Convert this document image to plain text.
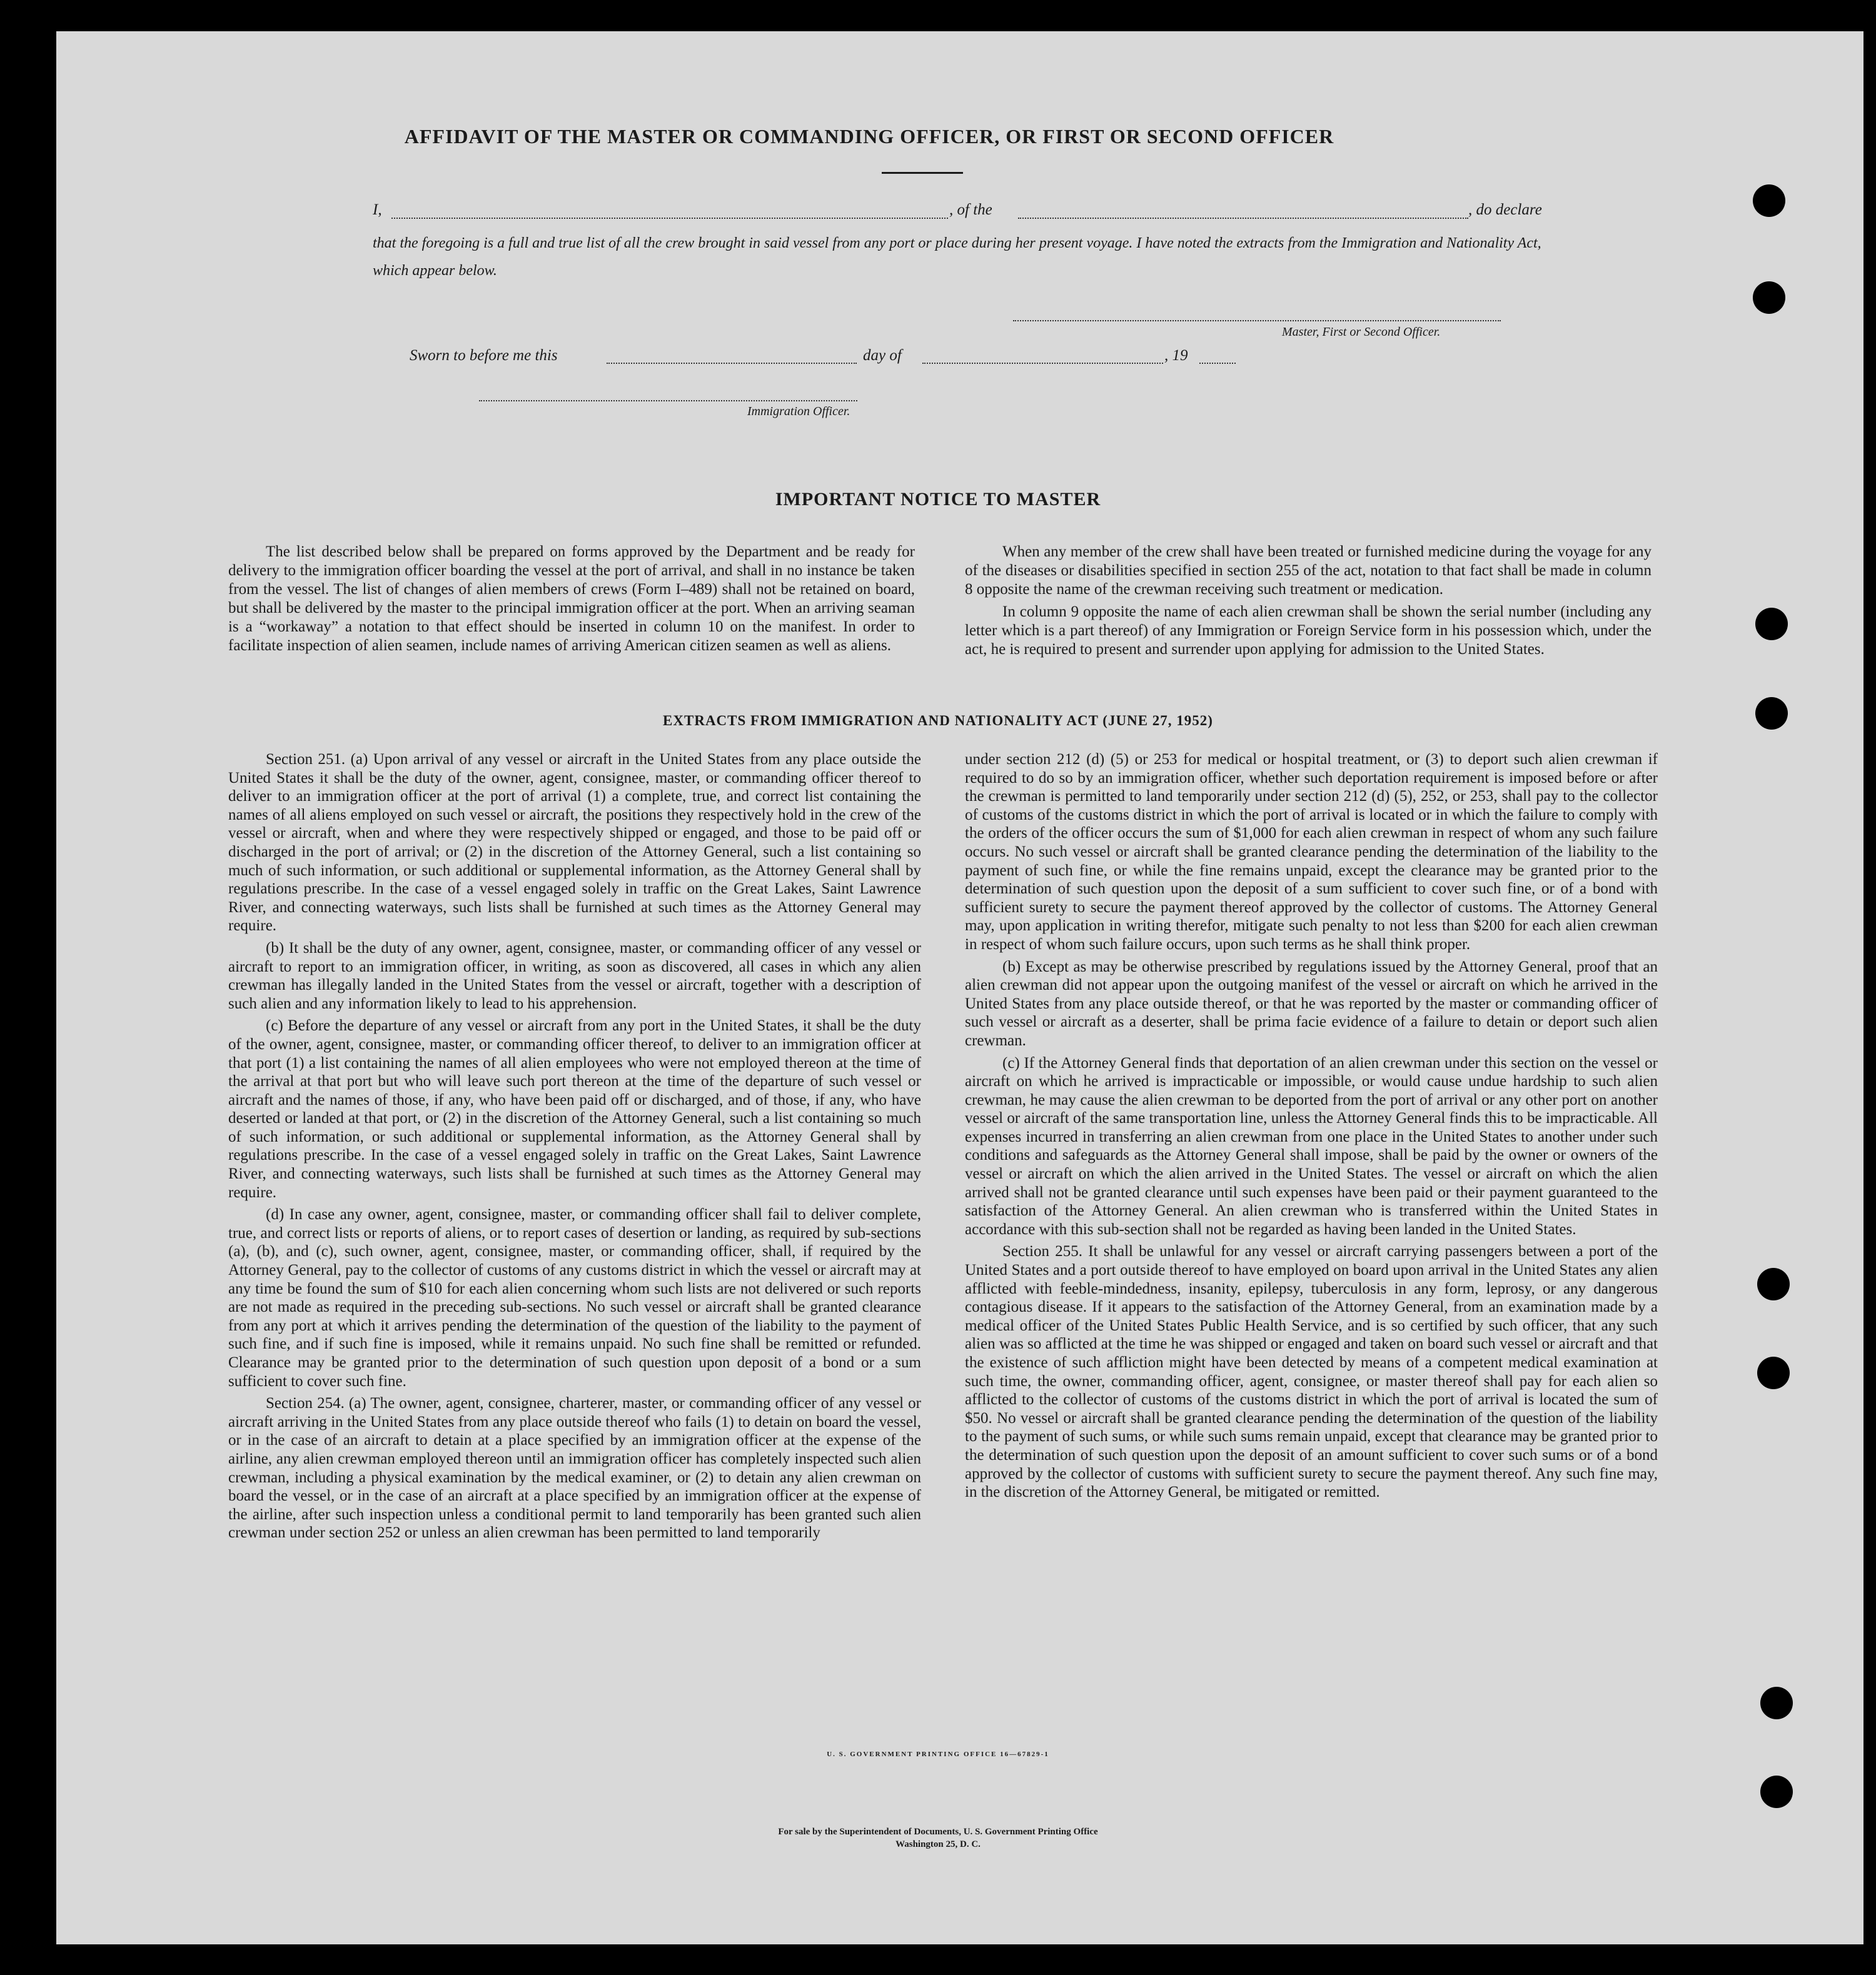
AFFIDAVIT OF THE MASTER OR COMMANDING OFFICER, OR FIRST OR SECOND OFFICER
I,	, of the	, do declare
that the foregoing is a full and true list of all the crew brought in said vessel from any port or place during her present voyage. I have noted the extracts from the Immigration and Nationality Act, which appear below.
Master, First or Second Officer.
Sworn to before me this	day of	, 19
Immigration Officer.
IMPORTANT NOTICE TO MASTER

The list described below shall be prepared on forms approved by the Department and be ready for delivery to the immigration officer boarding the vessel at the port of arrival, and shall in no instance be taken from the vessel. The list of changes of alien members of crews (Form I–489) shall not be retained on board, but shall be delivered by the master to the principal immigration officer at the port. When an arriving seaman is a “workaway” a notation to that effect should be inserted in column 10 on the manifest. In order to facilitate inspection of alien seamen, include names of arriving American citizen seamen as well as aliens.

When any member of the crew shall have been treated or furnished medicine during the voyage for any of the diseases or disabilities specified in section 255 of the act, notation to that fact shall be made in column 8 opposite the name of the crewman receiving such treatment or medication.

In column 9 opposite the name of each alien crewman shall be shown the serial number (including any letter which is a part thereof) of any Immigration or Foreign Service form in his possession which, under the act, he is required to present and surrender upon applying for admission to the United States.

EXTRACTS FROM IMMIGRATION AND NATIONALITY ACT (JUNE 27, 1952)

Section 251. (a) Upon arrival of any vessel or aircraft in the United States from any place outside the United States it shall be the duty of the owner, agent, consignee, master, or commanding officer thereof to deliver to an immigration officer at the port of arrival (1) a complete, true, and correct list containing the names of all aliens employed on such vessel or aircraft, the positions they respectively hold in the crew of the vessel or aircraft, when and where they were respectively shipped or engaged, and those to be paid off or discharged in the port of arrival; or (2) in the discretion of the Attorney General, such a list containing so much of such information, or such additional or supplemental information, as the Attorney General shall by regulations prescribe. In the case of a vessel engaged solely in traffic on the Great Lakes, Saint Lawrence River, and connecting waterways, such lists shall be furnished at such times as the Attorney General may require.

(b) It shall be the duty of any owner, agent, consignee, master, or commanding officer of any vessel or aircraft to report to an immigration officer, in writing, as soon as discovered, all cases in which any alien crewman has illegally landed in the United States from the vessel or aircraft, together with a description of such alien and any information likely to lead to his apprehension.

(c) Before the departure of any vessel or aircraft from any port in the United States, it shall be the duty of the owner, agent, consignee, master, or commanding officer thereof, to deliver to an immigration officer at that port (1) a list containing the names of all alien employees who were not employed thereon at the time of the arrival at that port but who will leave such port thereon at the time of the departure of such vessel or aircraft and the names of those, if any, who have been paid off or discharged, and of those, if any, who have deserted or landed at that port, or (2) in the discretion of the Attorney General, such a list containing so much of such information, or such additional or supplemental information, as the Attorney General shall by regulations prescribe. In the case of a vessel engaged solely in traffic on the Great Lakes, Saint Lawrence River, and connecting waterways, such lists shall be furnished at such times as the Attorney General may require.

(d) In case any owner, agent, consignee, master, or commanding officer shall fail to deliver complete, true, and correct lists or reports of aliens, or to report cases of desertion or landing, as required by sub-sections (a), (b), and (c), such owner, agent, consignee, master, or commanding officer, shall, if required by the Attorney General, pay to the collector of customs of any customs district in which the vessel or aircraft may at any time be found the sum of $10 for each alien concerning whom such lists are not delivered or such reports are not made as required in the preceding sub-sections. No such vessel or aircraft shall be granted clearance from any port at which it arrives pending the determination of the question of the liability to the payment of such fine, and if such fine is imposed, while it remains unpaid. No such fine shall be remitted or refunded. Clearance may be granted prior to the determination of such question upon deposit of a bond or a sum sufficient to cover such fine.

Section 254. (a) The owner, agent, consignee, charterer, master, or commanding officer of any vessel or aircraft arriving in the United States from any place outside thereof who fails (1) to detain on board the vessel, or in the case of an aircraft to detain at a place specified by an immigration officer at the expense of the airline, any alien crewman employed thereon until an immigration officer has completely inspected such alien crewman, including a physical examination by the medical examiner, or (2) to detain any alien crewman on board the vessel, or in the case of an aircraft at a place specified by an immigration officer at the expense of the airline, after such inspection unless a conditional permit to land temporarily has been granted such alien crewman under section 252 or unless an alien crewman has been permitted to land temporarily

under section 212 (d) (5) or 253 for medical or hospital treatment, or (3) to deport such alien crewman if required to do so by an immigration officer, whether such deportation requirement is imposed before or after the crewman is permitted to land temporarily under section 212 (d) (5), 252, or 253, shall pay to the collector of customs of the customs district in which the port of arrival is located or in which the failure to comply with the orders of the officer occurs the sum of $1,000 for each alien crewman in respect of whom any such failure occurs. No such vessel or aircraft shall be granted clearance pending the determination of the liability to the payment of such fine, or while the fine remains unpaid, except the clearance may be granted prior to the determination of such question upon the deposit of a sum sufficient to cover such fine, or of a bond with sufficient surety to secure the payment thereof approved by the collector of customs. The Attorney General may, upon application in writing therefor, mitigate such penalty to not less than $200 for each alien crewman in respect of whom such failure occurs, upon such terms as he shall think proper.

(b) Except as may be otherwise prescribed by regulations issued by the Attorney General, proof that an alien crewman did not appear upon the outgoing manifest of the vessel or aircraft on which he arrived in the United States from any place outside thereof, or that he was reported by the master or commanding officer of such vessel or aircraft as a deserter, shall be prima facie evidence of a failure to detain or deport such alien crewman.

(c) If the Attorney General finds that deportation of an alien crewman under this section on the vessel or aircraft on which he arrived is impracticable or impossible, or would cause undue hardship to such alien crewman, he may cause the alien crewman to be deported from the port of arrival or any other port on another vessel or aircraft of the same transportation line, unless the Attorney General finds this to be impracticable. All expenses incurred in transferring an alien crewman from one place in the United States to another under such conditions and safeguards as the Attorney General shall impose, shall be paid by the owner or owners of the vessel or aircraft on which the alien arrived in the United States. The vessel or aircraft on which the alien arrived shall not be granted clearance until such expenses have been paid or their payment guaranteed to the satisfaction of the Attorney General. An alien crewman who is transferred within the United States in accordance with this sub-section shall not be regarded as having been landed in the United States.

Section 255. It shall be unlawful for any vessel or aircraft carrying passengers between a port of the United States and a port outside thereof to have employed on board upon arrival in the United States any alien afflicted with feeble-mindedness, insanity, epilepsy, tuberculosis in any form, leprosy, or any dangerous contagious disease. If it appears to the satisfaction of the Attorney General, from an examination made by a medical officer of the United States Public Health Service, and is so certified by such officer, that any such alien was so afflicted at the time he was shipped or engaged and taken on board such vessel or aircraft and that the existence of such affliction might have been detected by means of a competent medical examination at such time, the owner, commanding officer, agent, consignee, or master thereof shall pay for each alien so afflicted to the collector of customs of the customs district in which the port of arrival is located the sum of $50. No vessel or aircraft shall be granted clearance pending the determination of the question of the liability to the payment of such sums, or while such sums remain unpaid, except that clearance may be granted prior to the determination of such question upon the deposit of an amount sufficient to cover such sums or of a bond approved by the collector of customs with sufficient surety to secure the payment thereof. Any such fine may, in the discretion of the Attorney General, be mitigated or remitted.

U. S. GOVERNMENT PRINTING OFFICE 16—67829-1
For sale by the Superintendent of Documents, U. S. Government Printing Office
Washington 25, D. C.
